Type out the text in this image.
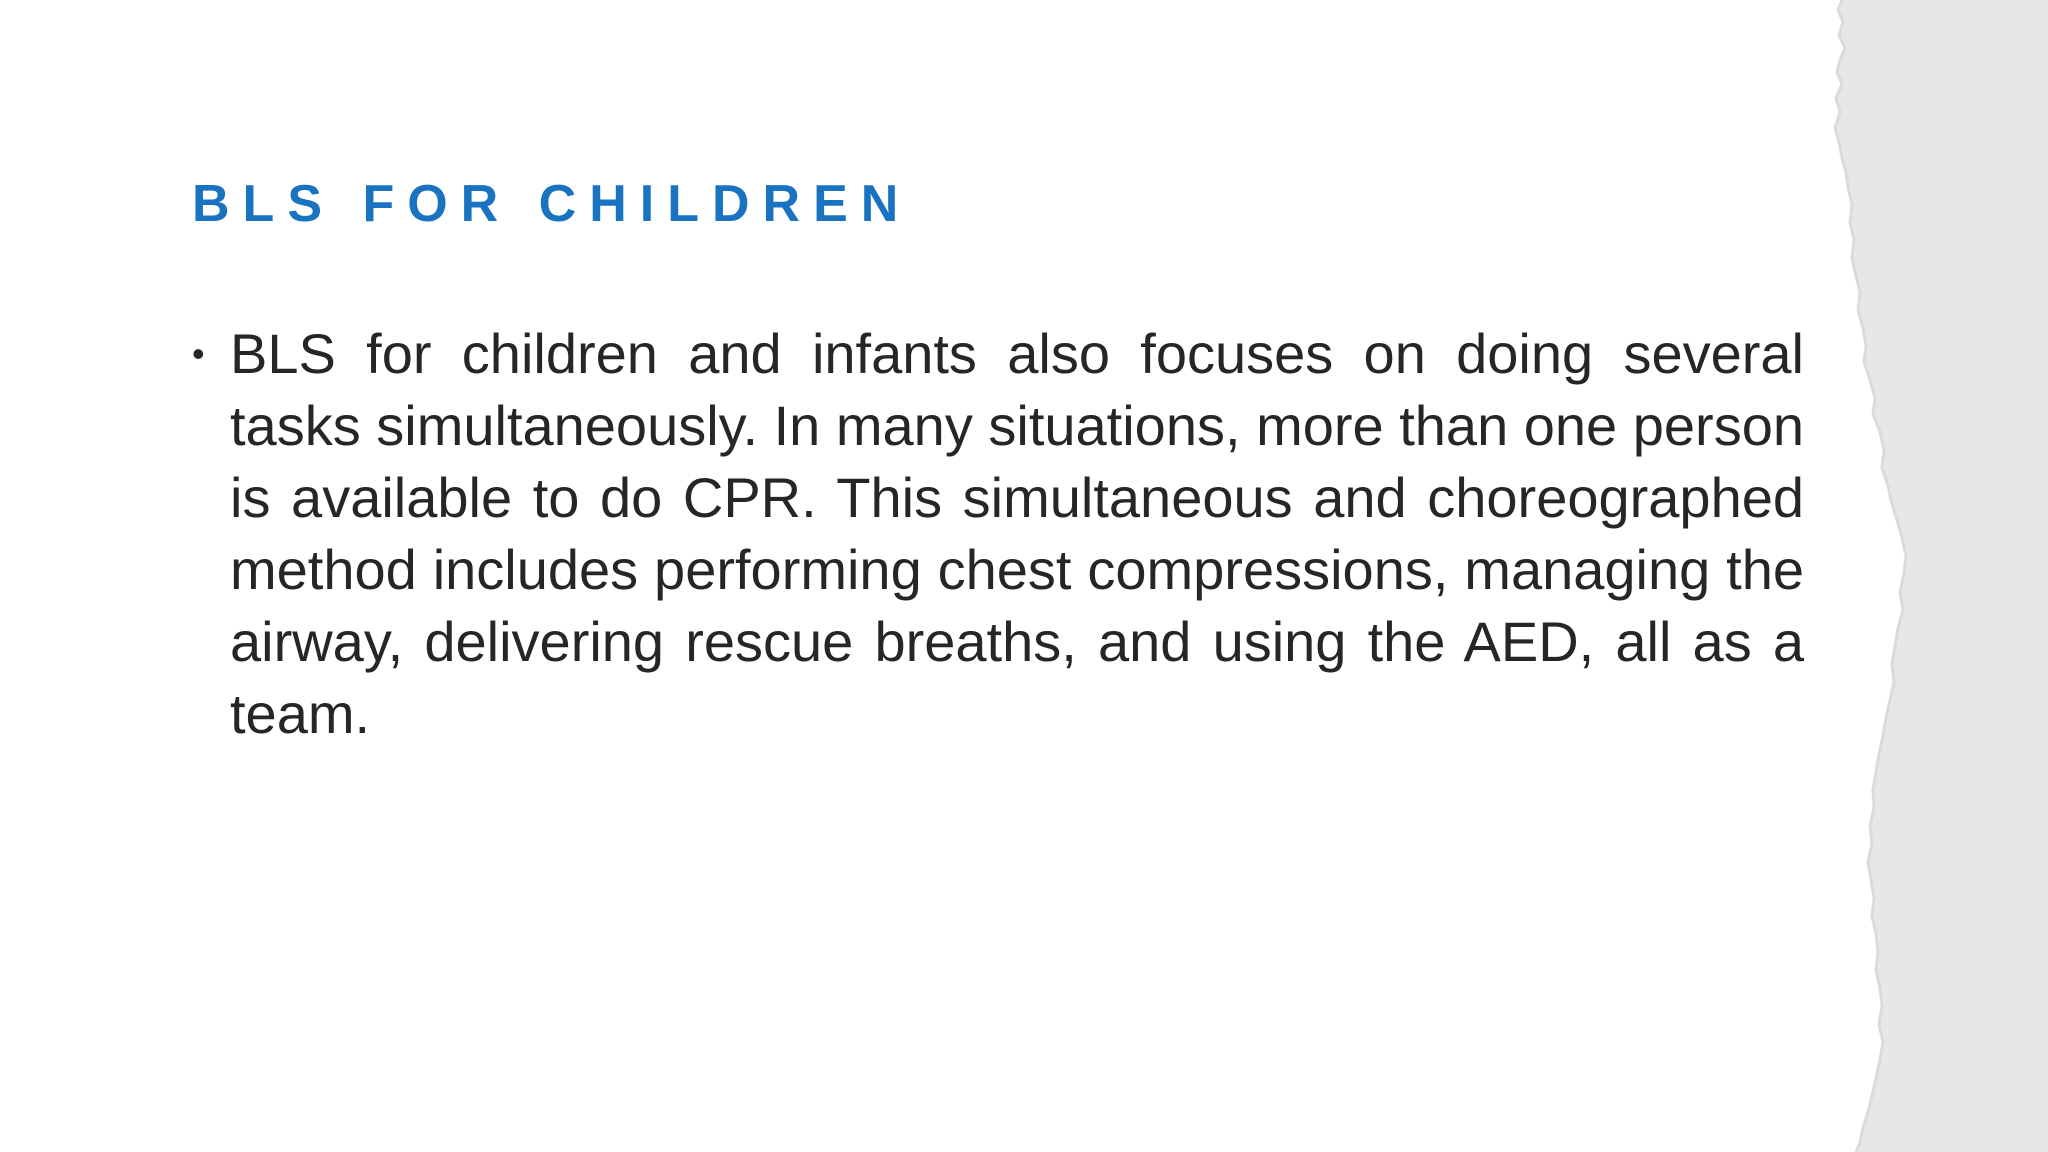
BLS FOR CHILDREN
• BLS for children and infants also focuses on doing several tasks simultaneously. In many situations, more than one person is available to do CPR. This simultaneous and choreographed method includes performing chest compressions, managing the airway, delivering rescue breaths, and using the AED, all as a team.
